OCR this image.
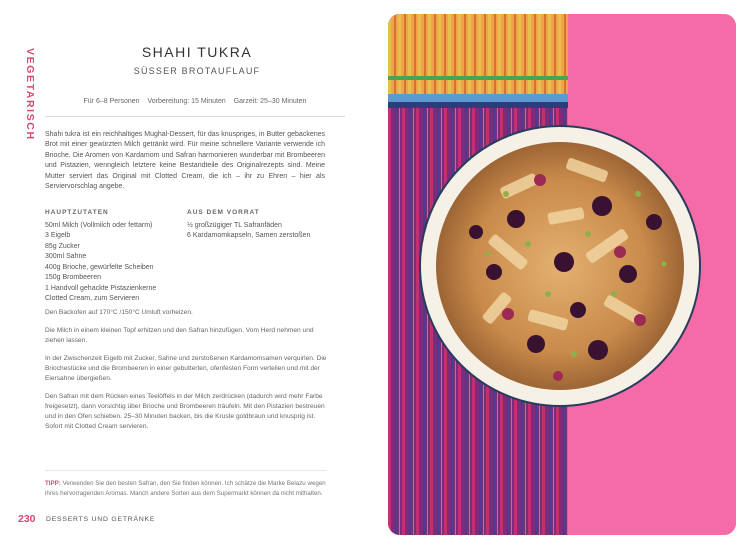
VEGETARISCH	SHAHI TUKRA
SÜSSER BROTAUFLAUF
Für 6–8 Personen Vorbereitung: 15 Minuten Garzeit: 25–30 Minuten
Shahi tukra ist ein reichhaltiges Mughal-Dessert, für das knuspriges, in Butter gebackenes Brot mit einer gewürzten Milch getränkt wird. Für meine schnellere Variante verwende ich Brioche. Die Aromen von Kardamom und Safran harmonieren wunderbar mit Brombeeren und Pistazien, wenngleich letztere keine Bestandteile des Originalrezepts sind. Meine Mutter serviert das Original mit Clotted Cream, die ich – ihr zu Ehren – hier als Serviervorschlag angebe.
HAUPTZUTATEN
50ml Milch (Vollmilch oder fettarm)
3 Eigelb
85g Zucker
300ml Sahne
400g Brioche, gewürfelte Scheiben
150g Brombeeren
1 Handvoll gehackte Pistazienkerne
Clotted Cream, zum Servieren
AUS DEM VORRAT
½ großzügiger TL Safranfäden
6 Kardamomkapseln, Samen zerstoßen

Den Backofen auf 170°C /150°C Umluft vorheizen.

Die Milch in einem kleinen Topf erhitzen und den Safran hinzufügen. Vom Herd nehmen und ziehen lassen.

In der Zwischenzeit Eigelb mit Zucker, Sahne und zerstoßenen Kardamomsamen verquirlen. Die Briochestücke und die Brombeeren in einer gebutterten, ofenfesten Form verteilen und mit der Eiersahne übergießen.

Den Safran mit dem Rücken eines Teelöffels in der Milch zerdrücken (dadurch wird mehr Farbe freigesetzt), dann vorsichtig über Brioche und Brombeeren träufeln. Mit den Pistazien bestreuen und in den Ofen schieben. 25–30 Minuten backen, bis die Kruste goldbraun und knusprig ist. Sofort mit Clotted Cream servieren.

TIPP: Verwenden Sie den besten Safran, den Sie finden können. Ich schätze die Marke Belazu wegen ihres hervorragenden Aromas. Manch andere Sorten aus dem Supermarkt können da nicht mithalten.
230 DESSERTS UND GETRÄNKE
